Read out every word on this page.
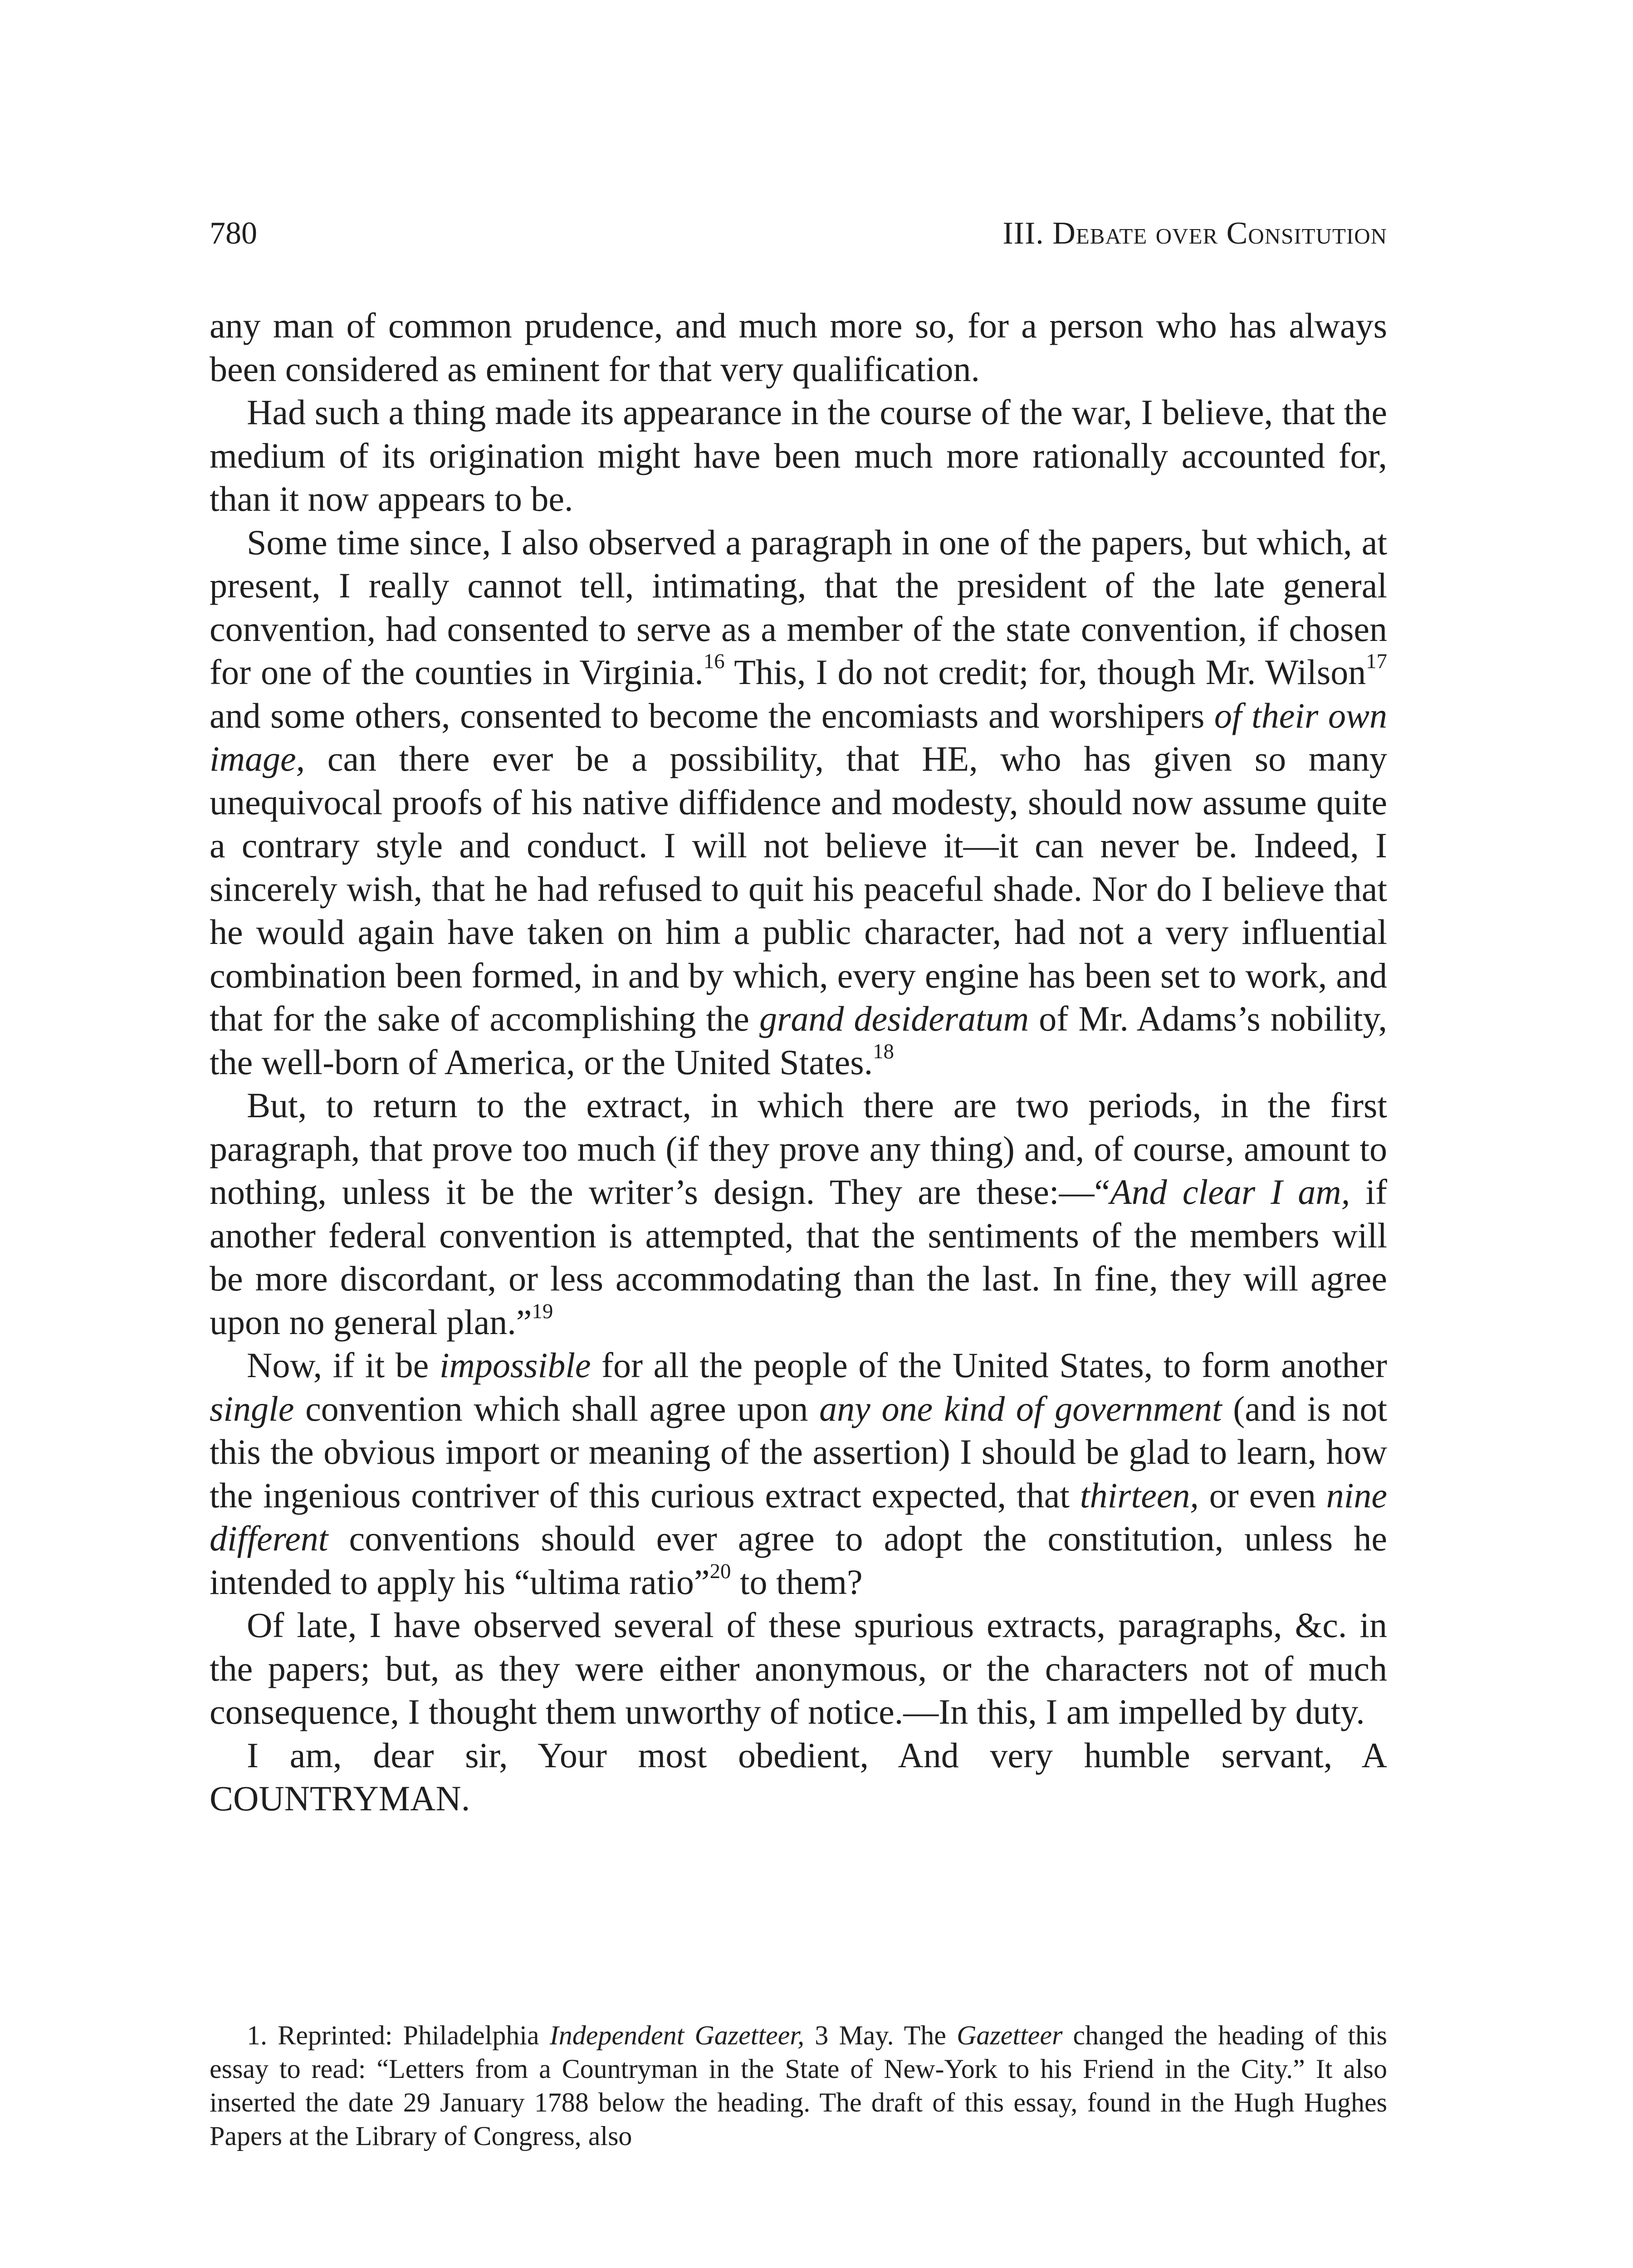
780	III. Debate over Consitution

any man of common prudence, and much more so, for a person who has always been considered as eminent for that very qualification.

Had such a thing made its appearance in the course of the war, I believe, that the medium of its origination might have been much more rationally accounted for, than it now appears to be.

Some time since, I also observed a paragraph in one of the papers, but which, at present, I really cannot tell, intimating, that the president of the late general convention, had consented to serve as a member of the state convention, if chosen for one of the counties in Virginia.$^{16}$ This, I do not credit; for, though Mr. Wilson$^{17}$ and some others, consented to become the encomiasts and worshipers of their own image, can there ever be a possibility, that HE, who has given so many unequivocal proofs of his native diffidence and modesty, should now assume quite a contrary style and conduct. I will not believe it—it can never be. Indeed, I sincerely wish, that he had refused to quit his peaceful shade. Nor do I believe that he would again have taken on him a public character, had not a very influential combination been formed, in and by which, every engine has been set to work, and that for the sake of accomplishing the grand desideratum of Mr. Adams’s nobility, the well-born of America, or the United States.$^{18}$

But, to return to the extract, in which there are two periods, in the first paragraph, that prove too much (if they prove any thing) and, of course, amount to nothing, unless it be the writer’s design. They are these:—“And clear I am, if another federal convention is attempted, that the sentiments of the members will be more discordant, or less accommodating than the last. In fine, they will agree upon no general plan.”$^{19}$

Now, if it be impossible for all the people of the United States, to form another single convention which shall agree upon any one kind of government (and is not this the obvious import or meaning of the assertion) I should be glad to learn, how the ingenious contriver of this curious extract expected, that thirteen, or even nine different conventions should ever agree to adopt the constitution, unless he intended to apply his “ultima ratio”$^{20}$ to them?

Of late, I have observed several of these spurious extracts, paragraphs, &c. in the papers; but, as they were either anonymous, or the characters not of much consequence, I thought them unworthy of notice.—In this, I am impelled by duty.

I am, dear sir, Your most obedient, And very humble servant, A COUNTRYMAN.

1. Reprinted: Philadelphia Independent Gazetteer, 3 May. The Gazetteer changed the heading of this essay to read: “Letters from a Countryman in the State of New-York to his Friend in the City.” It also inserted the date 29 January 1788 below the heading. The draft of this essay, found in the Hugh Hughes Papers at the Library of Congress, also
